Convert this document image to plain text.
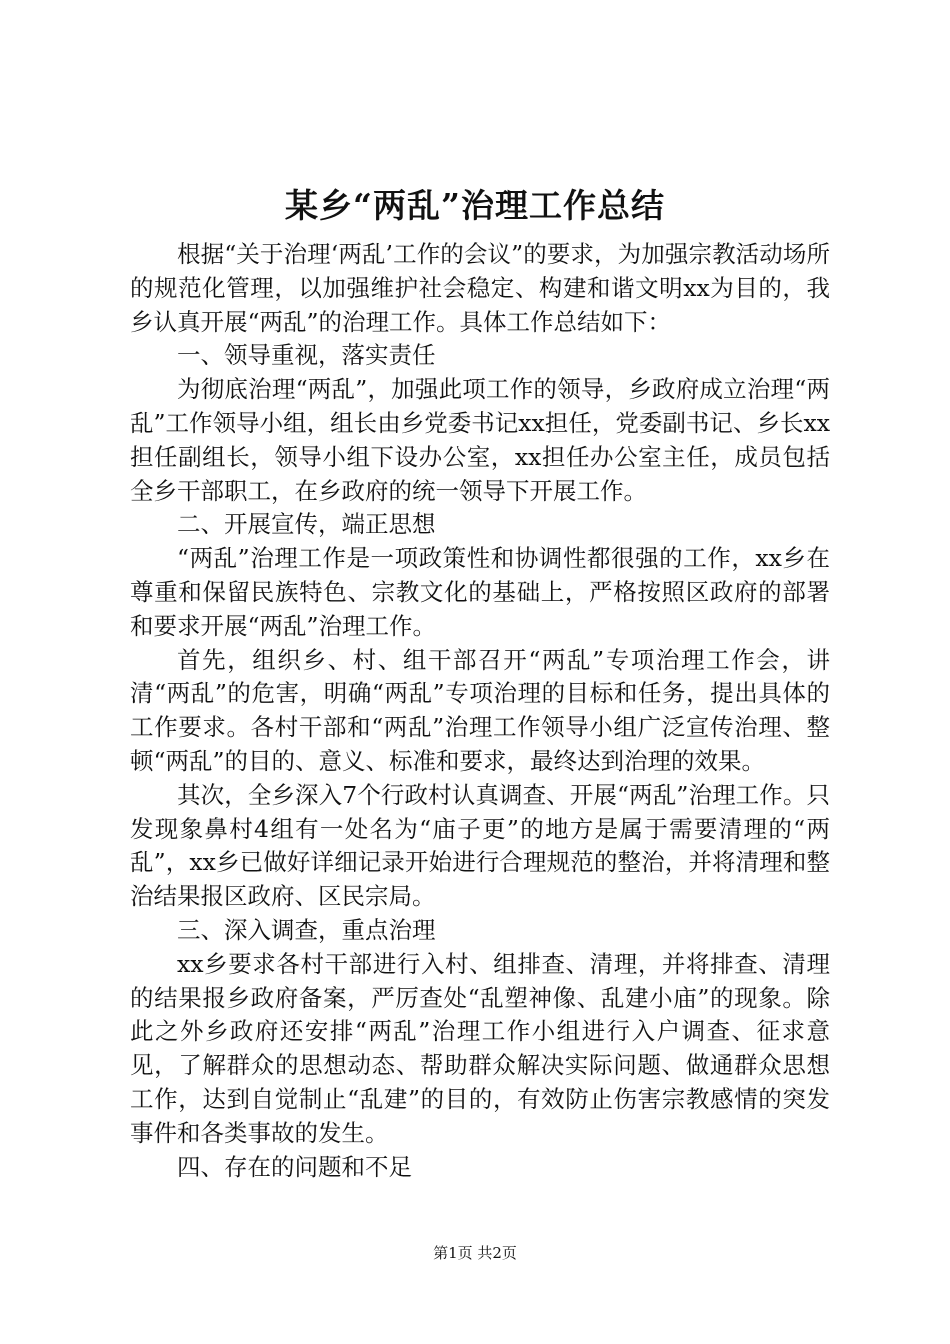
某乡“两乱”治理工作总结

根据“关于治理‘两乱’工作的会议”的要求，为加强宗教活动场所的规范化管理，以加强维护社会稳定、构建和谐文明xx为目的，我乡认真开展“两乱”的治理工作。具体工作总结如下：

一、领导重视，落实责任

为彻底治理“两乱”，加强此项工作的领导，乡政府成立治理“两乱”工作领导小组，组长由乡党委书记xx担任，党委副书记、乡长xx担任副组长，领导小组下设办公室，xx担任办公室主任，成员包括全乡干部职工，在乡政府的统一领导下开展工作。

二、开展宣传，端正思想

“两乱”治理工作是一项政策性和协调性都很强的工作，xx乡在尊重和保留民族特色、宗教文化的基础上，严格按照区政府的部署和要求开展“两乱”治理工作。

首先，组织乡、村、组干部召开“两乱”专项治理工作会，讲清“两乱”的危害，明确“两乱”专项治理的目标和任务，提出具体的工作要求。各村干部和“两乱”治理工作领导小组广泛宣传治理、整顿“两乱”的目的、意义、标准和要求，最终达到治理的效果。

其次，全乡深入7个行政村认真调查、开展“两乱”治理工作。只发现象鼻村4组有一处名为“庙子更”的地方是属于需要清理的“两乱”，xx乡已做好详细记录开始进行合理规范的整治，并将清理和整治结果报区政府、区民宗局。

三、深入调查，重点治理

xx乡要求各村干部进行入村、组排查、清理，并将排查、清理的结果报乡政府备案，严厉查处“乱塑神像、乱建小庙”的现象。除此之外乡政府还安排“两乱”治理工作小组进行入户调查、征求意见，了解群众的思想动态、帮助群众解决实际问题、做通群众思想工作，达到自觉制止“乱建”的目的，有效防止伤害宗教感情的突发事件和各类事故的发生。

四、存在的问题和不足

第1页 共2页
